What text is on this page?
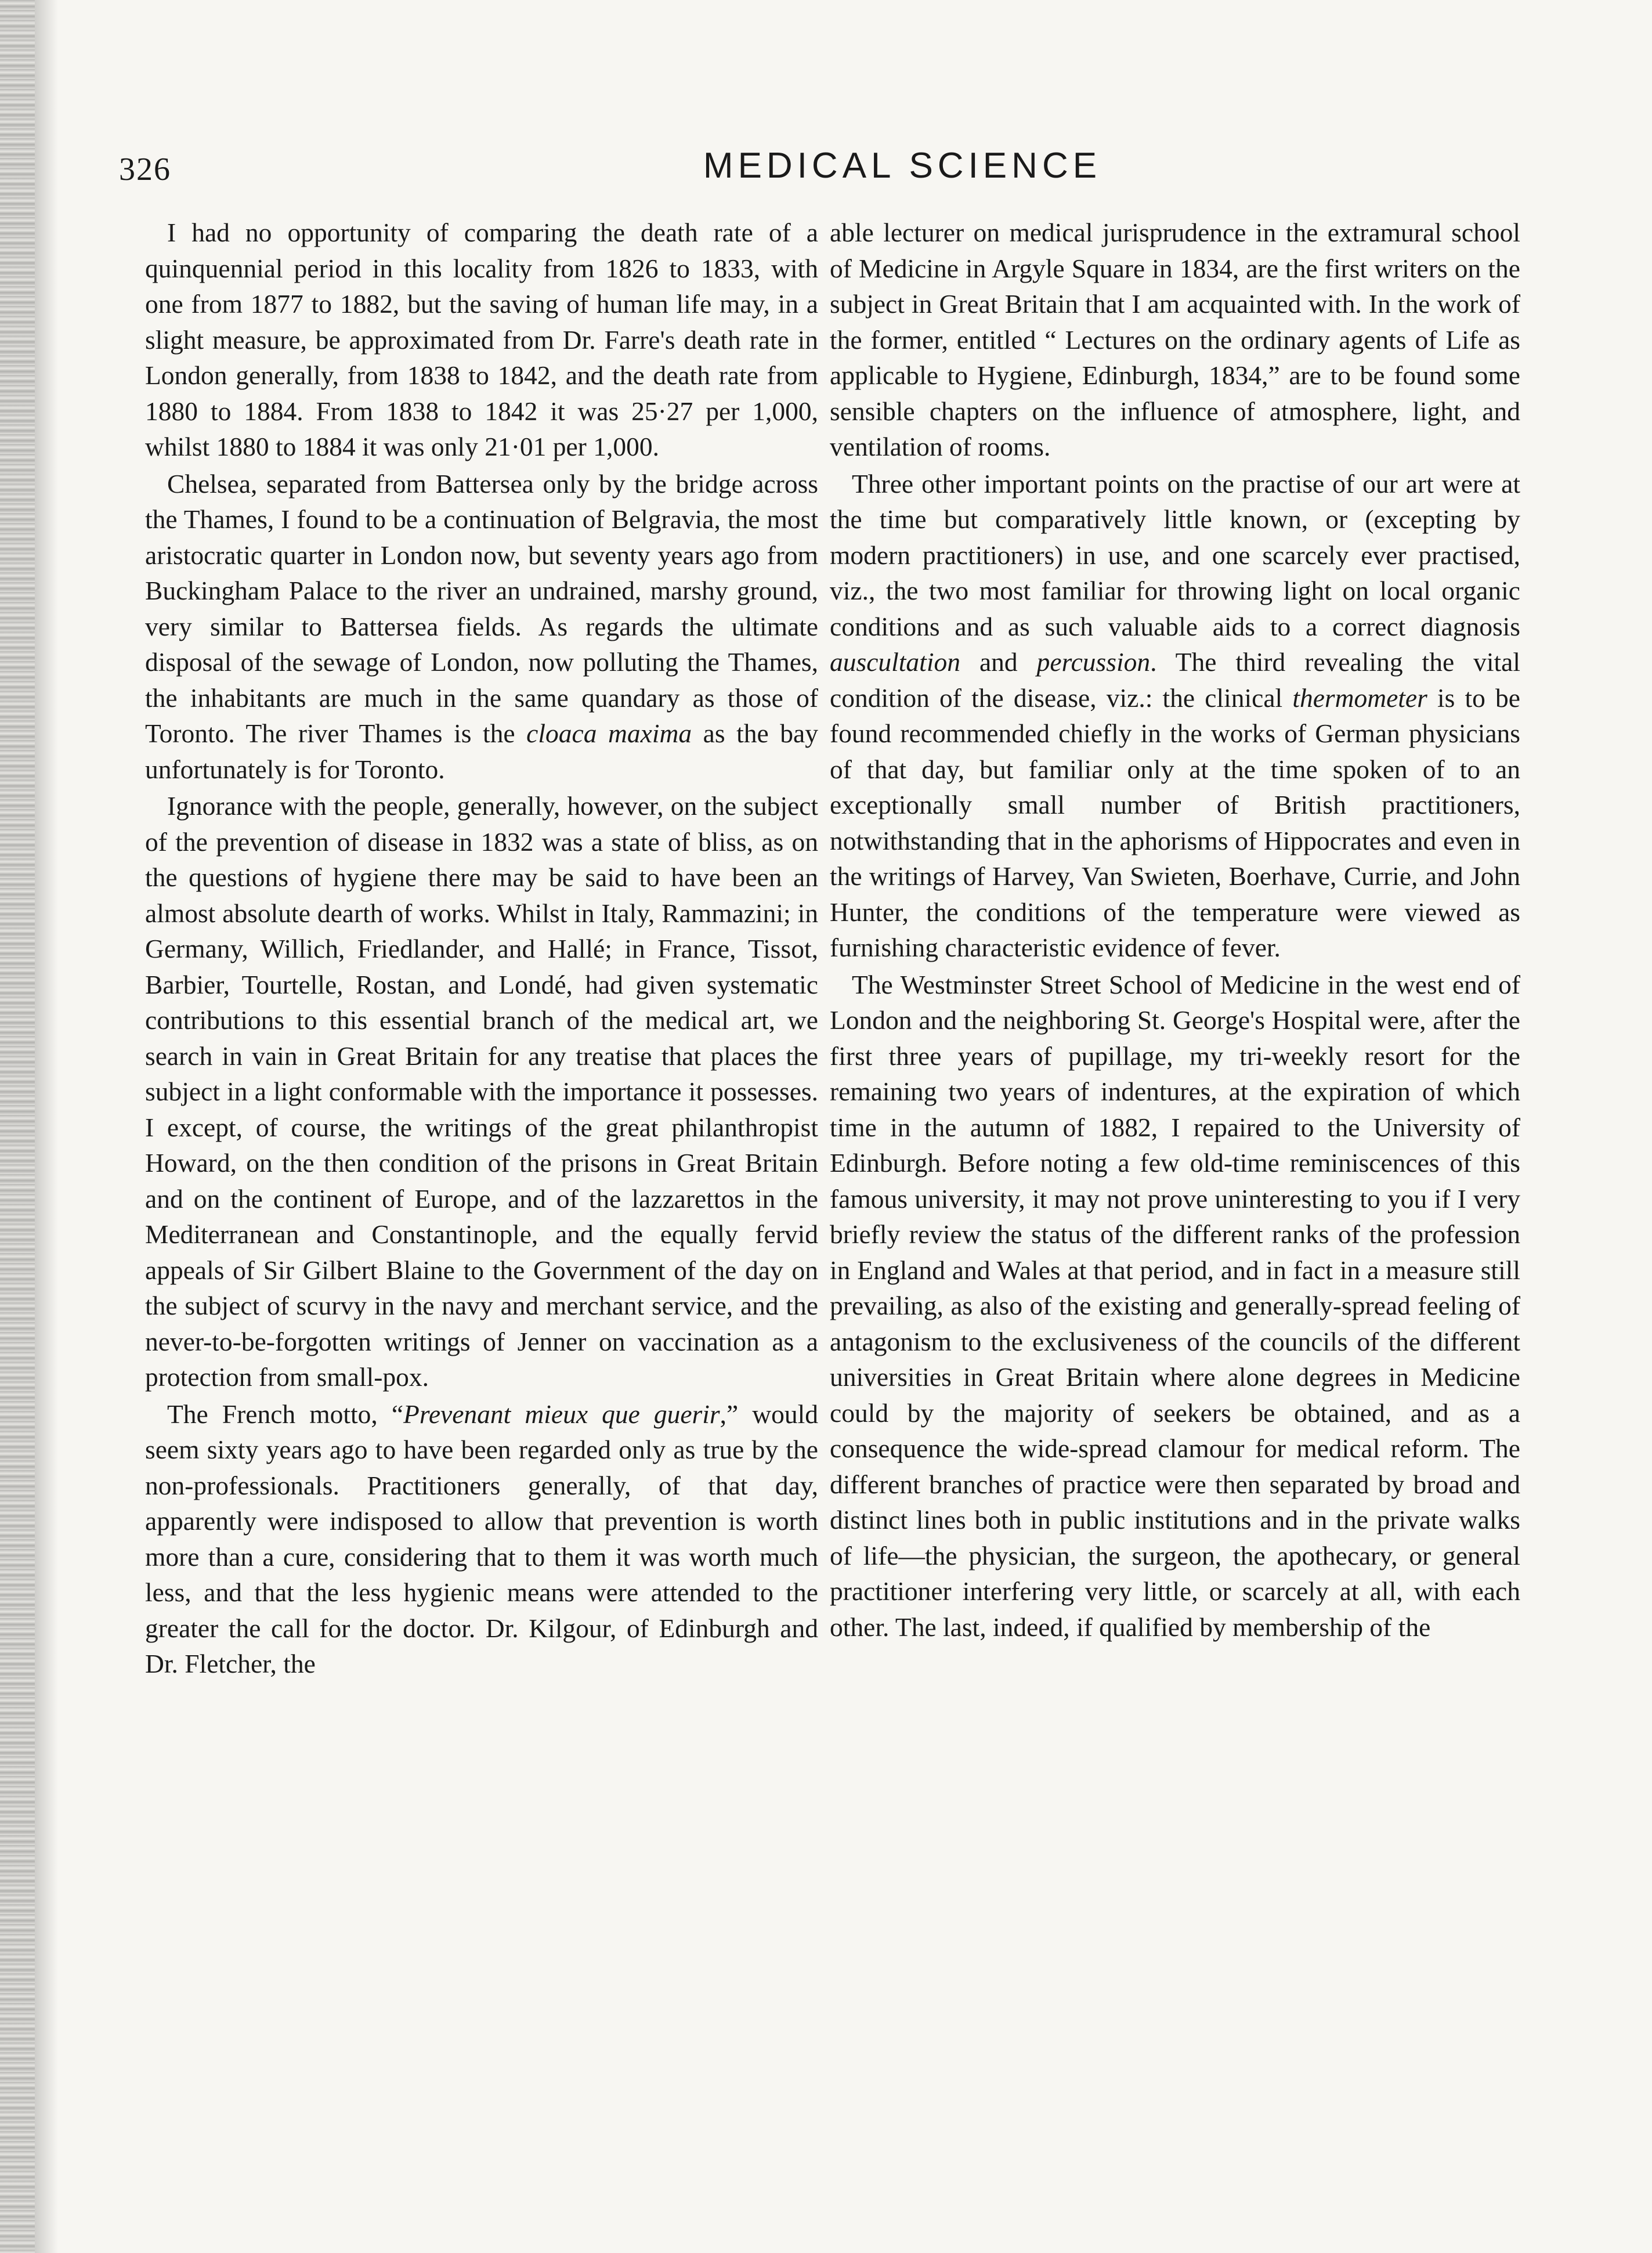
326	MEDICAL SCIENCE

I had no opportunity of comparing the death rate of a quinquennial period in this locality from 1826 to 1833, with one from 1877 to 1882, but the saving of human life may, in a slight measure, be approximated from Dr. Farre's death rate in London generally, from 1838 to 1842, and the death rate from 1880 to 1884. From 1838 to 1842 it was 25·27 per 1,000, whilst 1880 to 1884 it was only 21·01 per 1,000.

Chelsea, separated from Battersea only by the bridge across the Thames, I found to be a continuation of Belgravia, the most aristocratic quarter in London now, but seventy years ago from Buckingham Palace to the river an undrained, marshy ground, very similar to Battersea fields. As regards the ultimate disposal of the sewage of London, now polluting the Thames, the inhabitants are much in the same quandary as those of Toronto. The river Thames is the cloaca maxima as the bay unfortunately is for Toronto.

Ignorance with the people, generally, however, on the subject of the prevention of disease in 1832 was a state of bliss, as on the questions of hygiene there may be said to have been an almost absolute dearth of works. Whilst in Italy, Rammazini; in Germany, Willich, Friedlander, and Hallé; in France, Tissot, Barbier, Tourtelle, Rostan, and Londé, had given systematic contributions to this essential branch of the medical art, we search in vain in Great Britain for any treatise that places the subject in a light conformable with the importance it possesses. I except, of course, the writings of the great philanthropist Howard, on the then condition of the prisons in Great Britain and on the continent of Europe, and of the lazzarettos in the Mediterranean and Constantinople, and the equally fervid appeals of Sir Gilbert Blaine to the Government of the day on the subject of scurvy in the navy and merchant service, and the never-to-be-forgotten writings of Jenner on vaccination as a protection from small-pox.

The French motto, “Prevenant mieux que guerir,” would seem sixty years ago to have been regarded only as true by the non-professionals. Practitioners generally, of that day, apparently were indisposed to allow that prevention is worth more than a cure, considering that to them it was worth much less, and that the less hygienic means were attended to the greater the call for the doctor. Dr. Kilgour, of Edinburgh and Dr. Fletcher, the

able lecturer on medical jurisprudence in the extramural school of Medicine in Argyle Square in 1834, are the first writers on the subject in Great Britain that I am acquainted with. In the work of the former, entitled “ Lectures on the ordinary agents of Life as applicable to Hygiene, Edinburgh, 1834,” are to be found some sensible chapters on the influence of atmosphere, light, and ventilation of rooms.

Three other important points on the practise of our art were at the time but comparatively little known, or (excepting by modern practitioners) in use, and one scarcely ever practised, viz., the two most familiar for throwing light on local organic conditions and as such valuable aids to a correct diagnosis auscultation and percussion. The third revealing the vital condition of the disease, viz.: the clinical thermometer is to be found recommended chiefly in the works of German physicians of that day, but familiar only at the time spoken of to an exceptionally small number of British practitioners, notwithstanding that in the aphorisms of Hippocrates and even in the writings of Harvey, Van Swieten, Boerhave, Currie, and John Hunter, the conditions of the temperature were viewed as furnishing characteristic evidence of fever.

The Westminster Street School of Medicine in the west end of London and the neighboring St. George's Hospital were, after the first three years of pupillage, my tri-weekly resort for the remaining two years of indentures, at the expiration of which time in the autumn of 1882, I repaired to the University of Edinburgh. Before noting a few old-time reminiscences of this famous university, it may not prove uninteresting to you if I very briefly review the status of the different ranks of the profession in England and Wales at that period, and in fact in a measure still prevailing, as also of the existing and generally-spread feeling of antagonism to the exclusiveness of the councils of the different universities in Great Britain where alone degrees in Medicine could by the majority of seekers be obtained, and as a consequence the wide-spread clamour for medical reform. The different branches of practice were then separated by broad and distinct lines both in public institutions and in the private walks of life—the physician, the surgeon, the apothecary, or general practitioner interfering very little, or scarcely at all, with each other. The last, indeed, if qualified by membership of the
